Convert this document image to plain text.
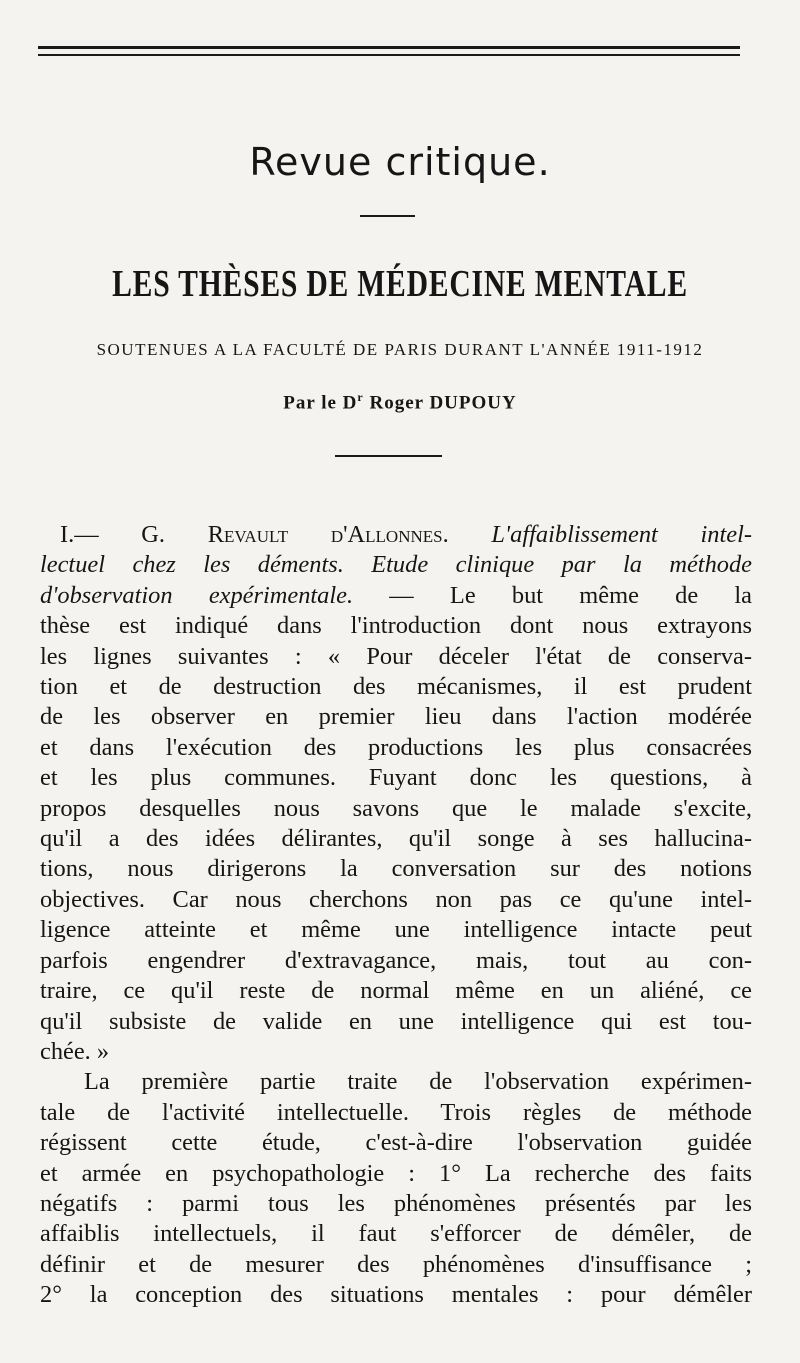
Revue critique.
LES THÈSES DE MÉDECINE MENTALE
SOUTENUES A LA FACULTÉ DE PARIS DURANT L'ANNÉE 1911-1912
Par le $D^r$ Roger DUPOUY
I.— G. Revault d'Allonnes. L'affaiblissement intel-
lectuel chez les déments. Etude clinique par la méthode
d'observation expérimentale. — Le but même de la
thèse est indiqué dans l'introduction dont nous extrayons
les lignes suivantes : « Pour déceler l'état de conserva-
tion et de destruction des mécanismes, il est prudent
de les observer en premier lieu dans l'action modérée
et dans l'exécution des productions les plus consacrées
et les plus communes. Fuyant donc les questions, à
propos desquelles nous savons que le malade s'excite,
qu'il a des idées délirantes, qu'il songe à ses hallucina-
tions, nous dirigerons la conversation sur des notions
objectives. Car nous cherchons non pas ce qu'une intel-
ligence atteinte et même une intelligence intacte peut
parfois engendrer d'extravagance, mais, tout au con-
traire, ce qu'il reste de normal même en un aliéné, ce
qu'il subsiste de valide en une intelligence qui est tou-
chée. »
La première partie traite de l'observation expérimen-
tale de l'activité intellectuelle. Trois règles de méthode
régissent cette étude, c'est-à-dire l'observation guidée
et armée en psychopathologie : 1° La recherche des faits
négatifs : parmi tous les phénomènes présentés par les
affaiblis intellectuels, il faut s'efforcer de démêler, de
définir et de mesurer des phénomènes d'insuffisance ;
2° la conception des situations mentales : pour démêler
